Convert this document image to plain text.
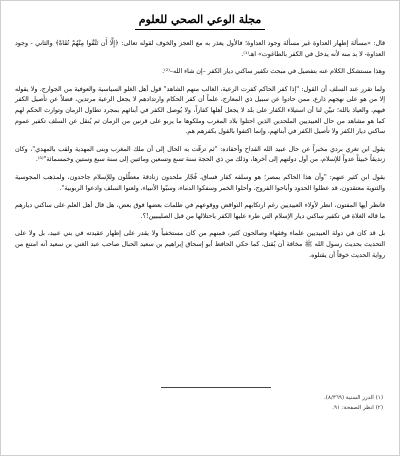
مجلة الوعي الصحي للعلوم

قال: «مسألة إظهار العداوة غير مسألة وجود العداوة؛ فالأول يعذر به مع العجز والخوف لقوله تعالى: ﴿إِلَّا أَن تَتَّقُوا مِنْهُمْ تُقَاةً﴾ والثاني - وجود العداوة- لا بد منه لأنه يدخل في الكفر بالطاغوت» اهـ⁽¹⁾.

وهذا مستشكل الكلام عنه بتفصيل في مبحث تكفير ساكني ديار الكفر –إن شاء الله–⁽²⁾.

ولما تقرر عند السلف أن القول: "إذا كفر الحاكم كفرت الرعية، الغالب منهم الشاهد" قول أهل الغلو السياسية والعوفية من الجوارج، ولا يقوله إلا من هو على نهجهم ذارع، ممن حادوا عن سبيل ذي المعارج، علماً أن كفر الحكام وارتدادهم لا يجعل الرعية مرتدين، فضلاً عن تأصيل الكفر فيهم، والعياذ بالله؛ تبيّن لنا أن استيلاء الكفار على بلد لا يجعل أهلها كفاراً، ولا يُوصل الكفر في أبنائهم بمجرد تطاول الزمان وتوارث الحكم لهم كما هو مشاهد من حال العبيديين الملحدين الذين احتلوا بلاد المغرب وملكوها ما يربو على قرنين من الزمان ثم يُنقل عن السلف تكفير عموم ساكني ديار الكفر ولا تأصيل الكفر في أبنائهم، وإنما اكتفوا بالقول بكفرهم هم.

يقول ابن تغري بردي مخبراً عن حال عبيد الله القداح وأحفاده: "ثم ترقّت به الحال إلى أن ملك المغرب وبنى المهدية ولقب بالمهدي"، وكان زنديقاً خبيثاً عدواً للإسلام، من أول دولتهم إلى آخرها، وذلك من ذي الحجة سنة تسع وتسعين ومائتين إلى سنة سبع وستين وخمسمائة"⁽³⁾.

يقول ابن كثير عنهم: "وأن هذا الحاكم بمصر؛ هو وسلفه كفار فساق، فُجّار ملحدون زنادقة معطّلون وللإسلام جاحدون، ولمذهب المجوسية والثنوية معتقدون، قد عطلوا الحدود وأباحوا الفروج، وأحلوا الخمر وسفكوا الدماء، وسبّوا الأنبياء، ولعنوا السلف وادعوا الربوبية".

فانظر أيها المفتون، انظر لأولاء العبيديين رغم ارتكابهم النواقض ووقوعهم في ظلمات بعضها فوق بعض، هل قال أهل العلم على ساكني ديارهم ما قاله الغلاة في تكفير ساكني ديار الإسلام التي طرء عليها الكفر باحتلالها من قبل الصليبيين!؟.

بل قد كان في دولة العبيديين علماء وفقهاء وصالحون كثير، فمنهم من كان مستخفياً ولا يقدر على إظهار عقيدته في بني عبيد، بل ولا على التحديث بحديث رسول الله ﷺ مخافة أن يُقتل، كما حكي الحافظ أبو إسحاق إبراهيم بن سعيد الحبال صاحب عبد الغني بن سعيد أنه امتنع من رواية الحديث خوفاً أن يقتلوه.

(١) الدرر السنية (٨/٣٦٩).
(٢) انظر الصفحة: ٩١.
